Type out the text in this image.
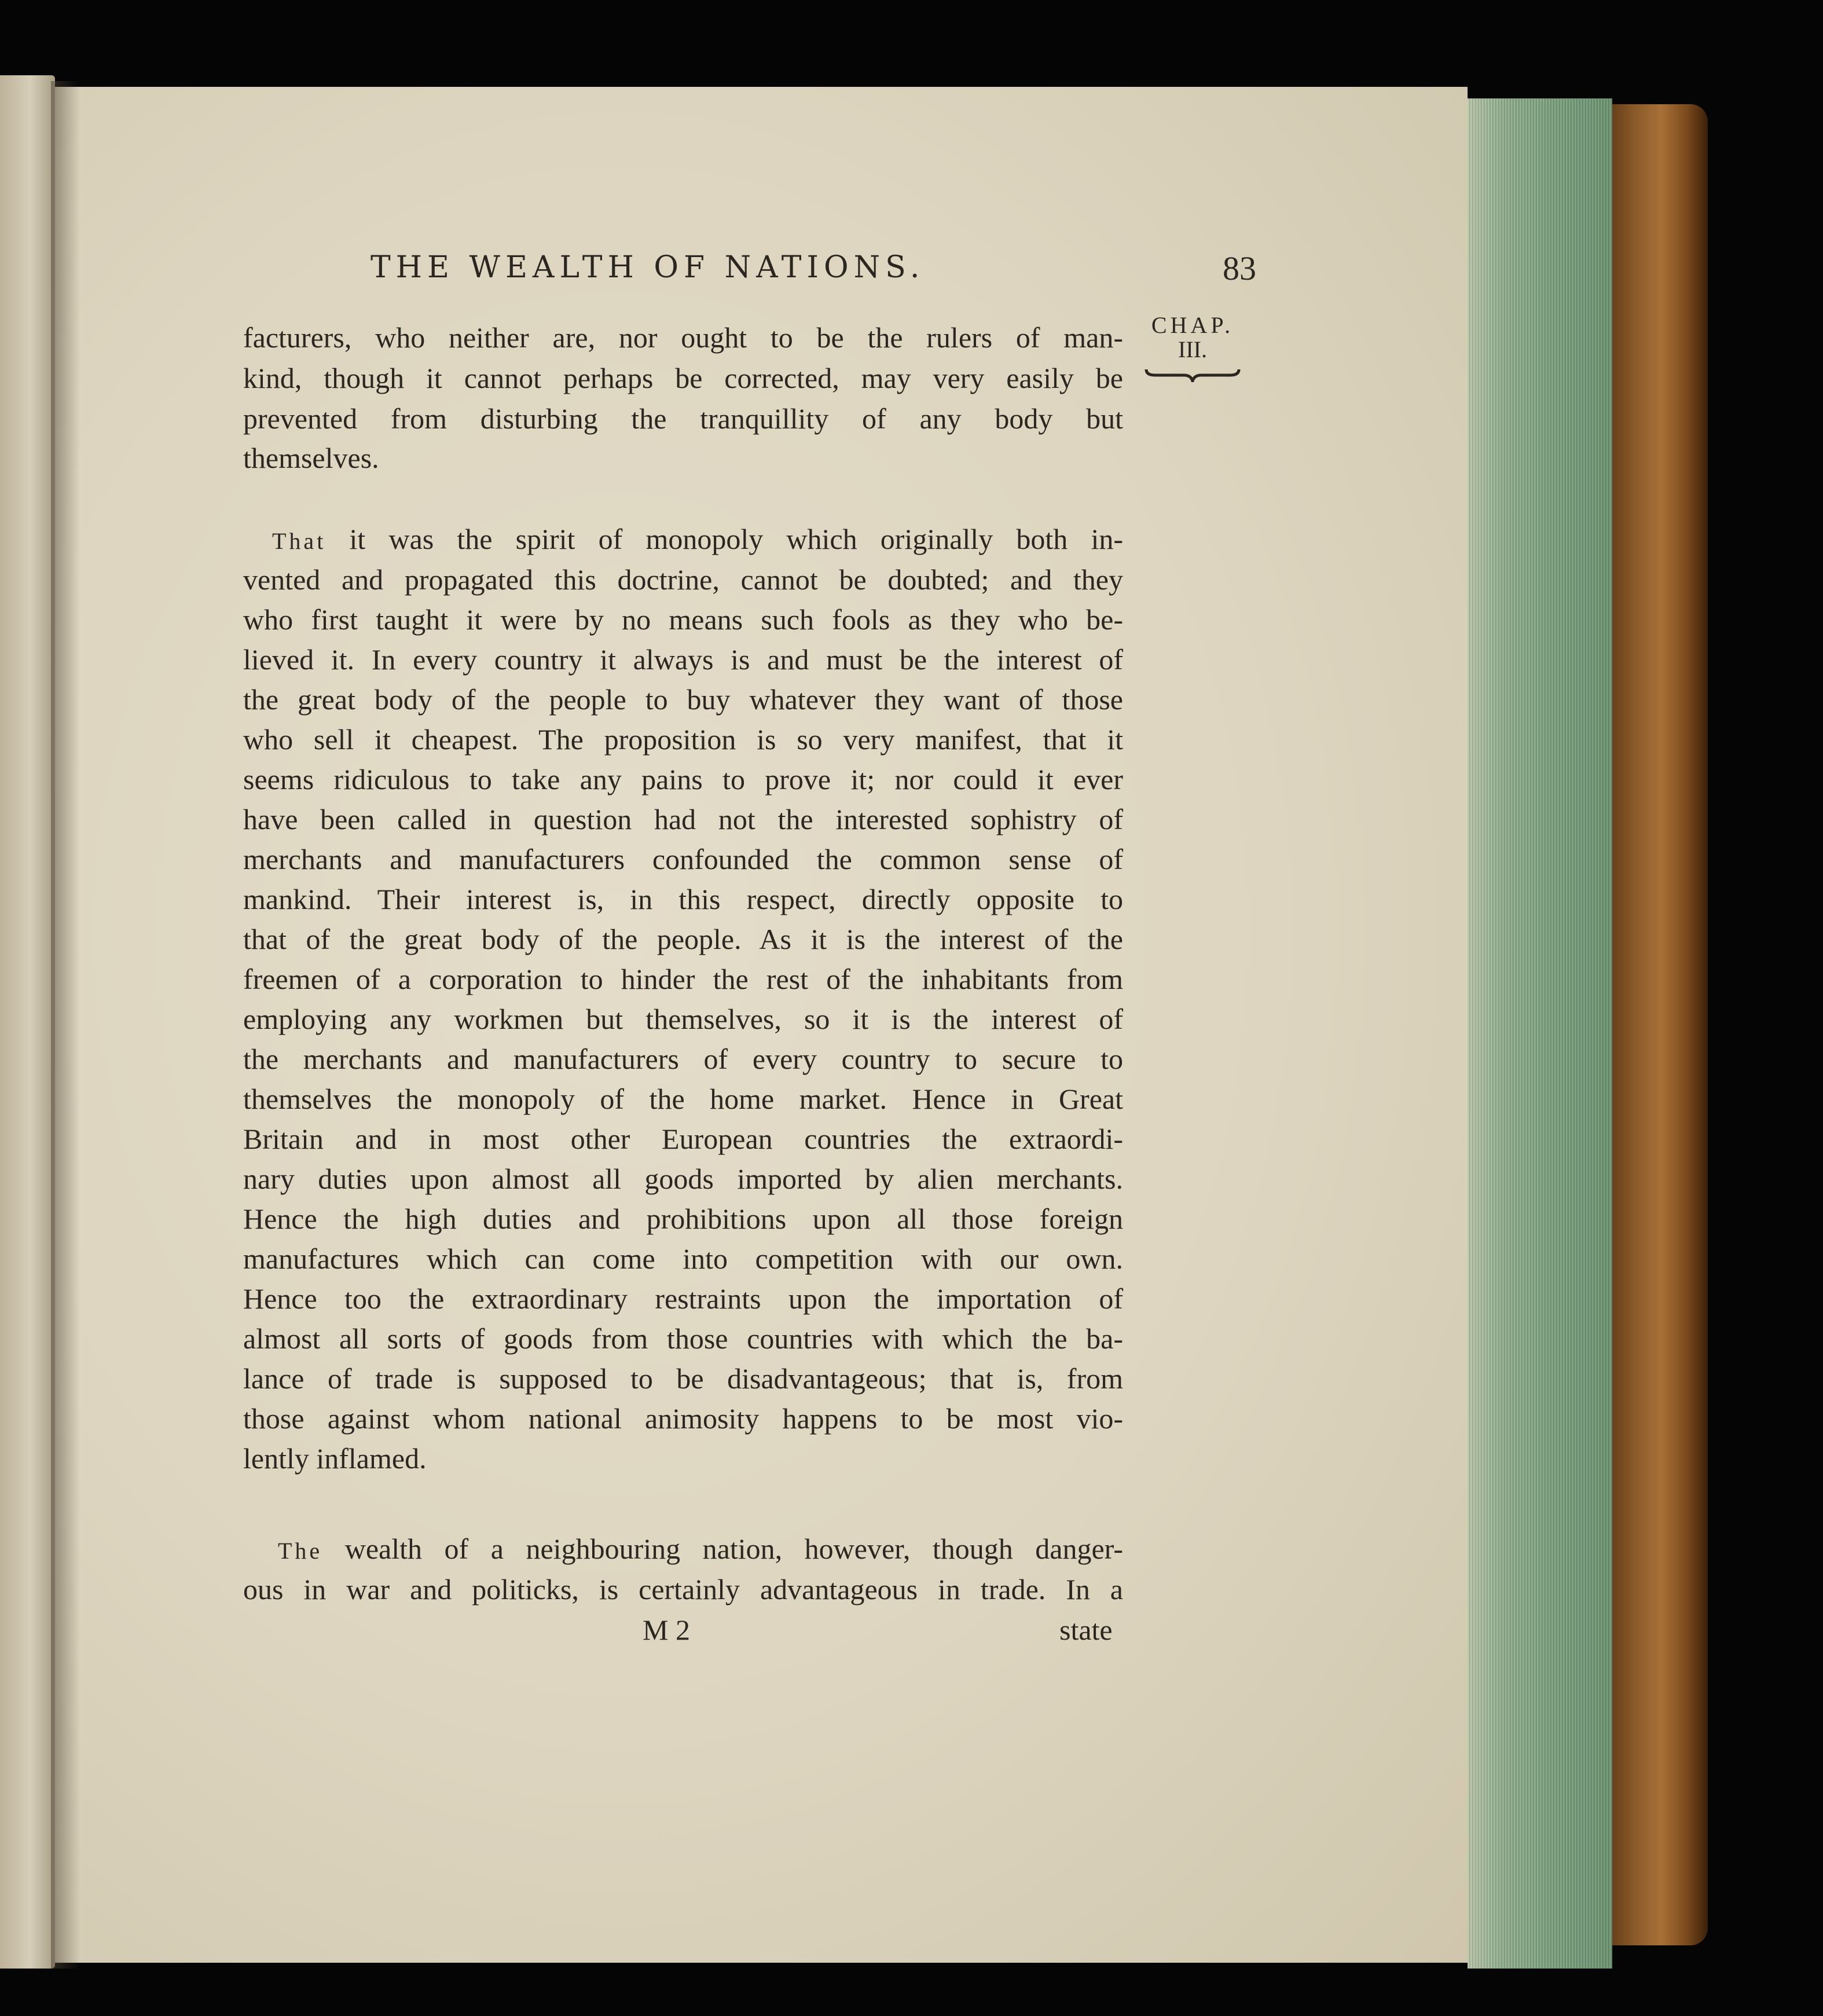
THE WEALTH OF NATIONS.	83
CHAP.
III.
facturers, who neither are, nor ought to be the rulers of man-
kind, though it cannot perhaps be corrected, may very easily be
prevented from disturbing the tranquillity of any body but
themselves.
That it was the spirit of monopoly which originally both in-
vented and propagated this doctrine, cannot be doubted; and they
who first taught it were by no means such fools as they who be-
lieved it. In every country it always is and must be the interest of
the great body of the people to buy whatever they want of those
who sell it cheapest. The proposition is so very manifest, that it
seems ridiculous to take any pains to prove it; nor could it ever
have been called in question had not the interested sophistry of
merchants and manufacturers confounded the common sense of
mankind. Their interest is, in this respect, directly opposite to
that of the great body of the people. As it is the interest of the
freemen of a corporation to hinder the rest of the inhabitants from
employing any workmen but themselves, so it is the interest of
the merchants and manufacturers of every country to secure to
themselves the monopoly of the home market. Hence in Great
Britain and in most other European countries the extraordi-
nary duties upon almost all goods imported by alien merchants.
Hence the high duties and prohibitions upon all those foreign
manufactures which can come into competition with our own.
Hence too the extraordinary restraints upon the importation of
almost all sorts of goods from those countries with which the ba-
lance of trade is supposed to be disadvantageous; that is, from
those against whom national animosity happens to be most vio-
lently inflamed.
The wealth of a neighbouring nation, however, though danger-
ous in war and politicks, is certainly advantageous in trade. In a
M 2	state
